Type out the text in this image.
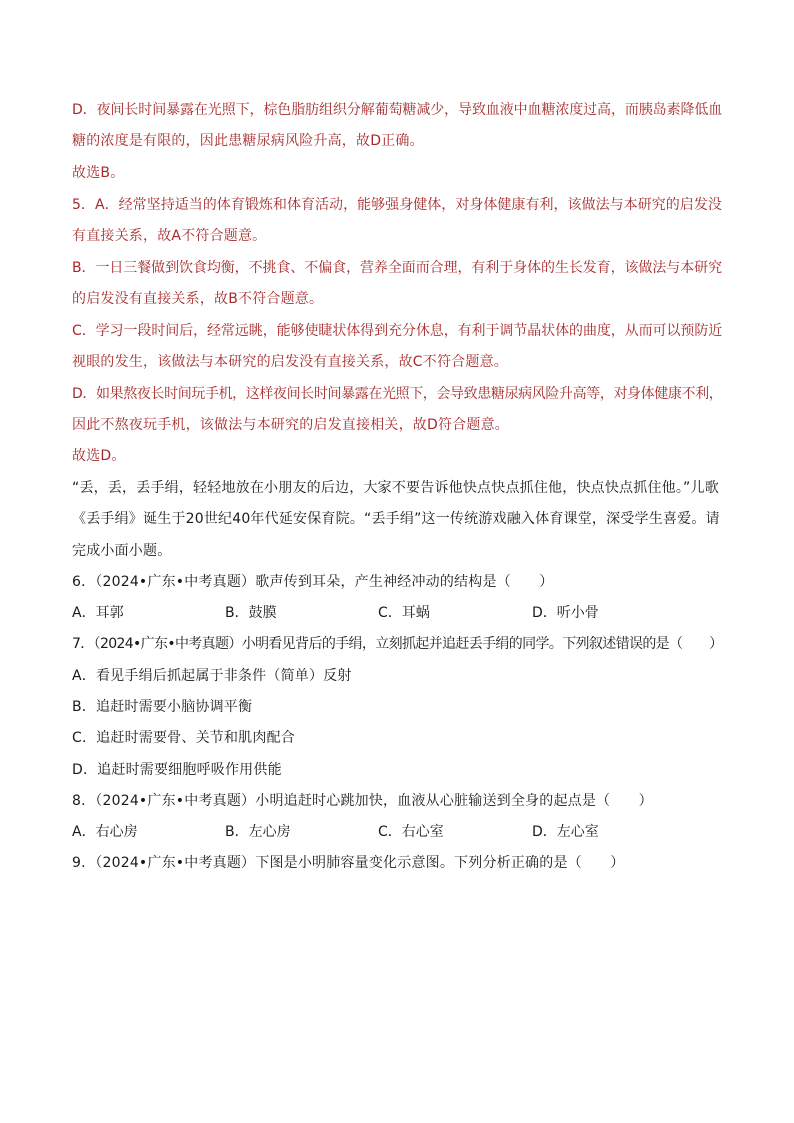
D．夜间长时间暴露在光照下，棕色脂肪组织分解葡萄糖减少，导致血液中血糖浓度过高，而胰岛素降低血
糖的浓度是有限的，因此患糖尿病风险升高，故D正确。
故选B。
5．A．经常坚持适当的体育锻炼和体育活动，能够强身健体，对身体健康有利，该做法与本研究的启发没
有直接关系，故A不符合题意。
B．一日三餐做到饮食均衡，不挑食、不偏食，营养全面而合理，有利于身体的生长发育，该做法与本研究
的启发没有直接关系，故B不符合题意。
C．学习一段时间后，经常远眺，能够使睫状体得到充分休息，有利于调节晶状体的曲度，从而可以预防近
视眼的发生，该做法与本研究的启发没有直接关系，故C不符合题意。
D．如果熬夜长时间玩手机，这样夜间长时间暴露在光照下，会导致患糖尿病风险升高等，对身体健康不利，
因此不熬夜玩手机，该做法与本研究的启发直接相关，故D符合题意。
故选D。
“丢，丢，丢手绢，轻轻地放在小朋友的后边，大家不要告诉他快点快点抓住他，快点快点抓住他。”儿歌
《丢手绢》诞生于20世纪40年代延安保育院。“丢手绢”这一传统游戏融入体育课堂，深受学生喜爱。请
完成小面小题。
6．（2024•广东•中考真题）歌声传到耳朵，产生神经冲动的结构是（　　）
A．耳郭	B．鼓膜	C．耳蜗	D．听小骨
7．（2024•广东•中考真题）小明看见背后的手绢，立刻抓起并追赶丢手绢的同学。下列叙述错误的是（　　）
A．看见手绢后抓起属于非条件（简单）反射
B．追赶时需要小脑协调平衡
C．追赶时需要骨、关节和肌肉配合
D．追赶时需要细胞呼吸作用供能
8．（2024•广东•中考真题）小明追赶时心跳加快，血液从心脏输送到全身的起点是（　　）
A．右心房	B．左心房	C．右心室	D．左心室
9．（2024•广东•中考真题）下图是小明肺容量变化示意图。下列分析正确的是（　　）
